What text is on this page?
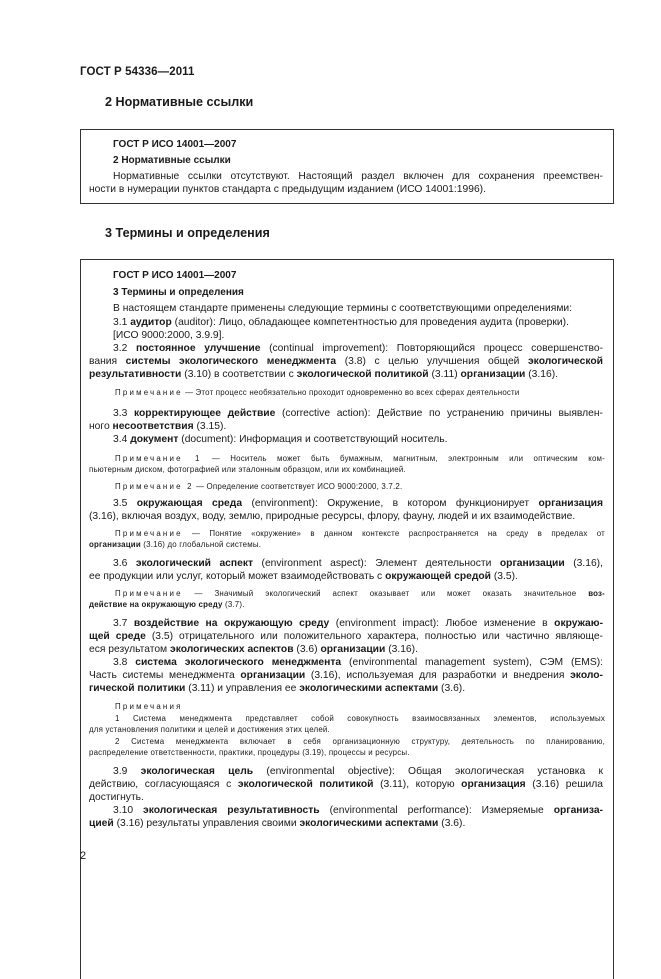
ГОСТ Р 54336—2011
2 Нормативные ссылки
ГОСТ Р ИСО 14001—2007
2 Нормативные ссылки
Нормативные ссылки отсутствуют. Настоящий раздел включен для сохранения преемствен-
ности в нумерации пунктов стандарта с предыдущим изданием (ИСО 14001:1996).
3 Термины и определения
ГОСТ Р ИСО 14001—2007
3 Термины и определения
В настоящем стандарте применены следующие термины с соответствующими определениями:
3.1 аудитор (auditor): Лицо, обладающее компетентностью для проведения аудита (проверки).
[ИСО 9000:2000, 3.9.9].
3.2 постоянное улучшение (continual improvement): Повторяющийся процесс совершенство-
вания системы экологического менеджмента (3.8) с целью улучшения общей экологической
результативности (3.10) в соответствии с экологической политикой (3.11) организации (3.16).
Примечание — Этот процесс необязательно проходит одновременно во всех сферах деятельности
3.3 корректирующее действие (corrective action): Действие по устранению причины выявлен-
ного несоответствия (3.15).
3.4 документ (document): Информация и соответствующий носитель.
Примечание 1 — Носитель может быть бумажным, магнитным, электронным или оптическим ком-
пьютерным диском, фотографией или эталонным образцом, или их комбинацией.
Примечание 2 — Определение соответствует ИСО 9000:2000, 3.7.2.
3.5 окружающая среда (environment): Окружение, в котором функционирует организация
(3.16), включая воздух, воду, землю, природные ресурсы, флору, фауну, людей и их взаимодействие.
Примечание — Понятие «окружение» в данном контексте распространяется на среду в пределах от
организации (3.16) до глобальной системы.
3.6 экологический аспект (environment aspect): Элемент деятельности организации (3.16),
ее продукции или услуг, который может взаимодействовать с окружающей средой (3.5).
Примечание — Значимый экологический аспект оказывает или может оказать значительное воз-
действие на окружающую среду (3.7).
3.7 воздействие на окружающую среду (environment impact): Любое изменение в окружаю-
щей среде (3.5) отрицательного или положительного характера, полностью или частично являюще-
еся результатом экологических аспектов (3.6) организации (3.16).
3.8 система экологического менеджмента (environmental management system), СЭМ (EMS):
Часть системы менеджмента организации (3.16), используемая для разработки и внедрения эколо-
гической политики (3.11) и управления ее экологическими аспектами (3.6).
Примечания
1 Система менеджмента представляет собой совокупность взаимосвязанных элементов, используемых
для установления политики и целей и достижения этих целей.
2 Система менеджмента включает в себя организационную структуру, деятельность по планированию,
распределение ответственности, практики, процедуры (3.19), процессы и ресурсы.
3.9 экологическая цель (environmental objective): Общая экологическая установка к
действию, согласующаяся с экологической политикой (3.11), которую организация (3.16) решила
достигнуть.
3.10 экологическая результативность (environmental performance): Измеряемые организа-
цией (3.16) результаты управления своими экологическими аспектами (3.6).
2
